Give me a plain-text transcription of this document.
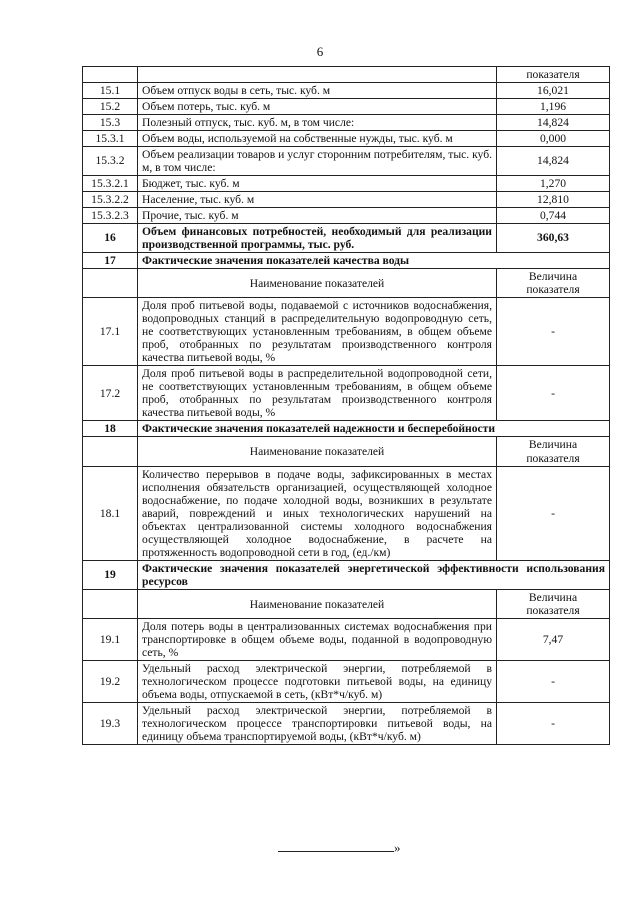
6
		показателя
15.1	Объем отпуск воды в сеть, тыс. куб. м	16,021
15.2	Объем потерь, тыс. куб. м	1,196
15.3	Полезный отпуск, тыс. куб. м, в том числе:	14,824
15.3.1	Объем воды, используемой на собственные нужды, тыс. куб. м	0,000
15.3.2	Объем реализации товаров и услуг сторонним потребителям, тыс. куб. м, в том числе:	14,824
15.3.2.1	Бюджет, тыс. куб. м	1,270
15.3.2.2	Население, тыс. куб. м	12,810
15.3.2.3	Прочие, тыс. куб. м	0,744
16	Объем финансовых потребностей, необходимый для реализации производственной программы, тыс. руб.	360,63
17	Фактические значения показателей качества воды	
	Наименование показателей	Величина показателя
17.1	Доля проб питьевой воды, подаваемой с источников водоснабжения, водопроводных станций в распределительную водопроводную сеть, не соответствующих установленным требованиям, в общем объеме проб, отобранных по результатам производственного контроля качества питьевой воды, %	-
17.2	Доля проб питьевой воды в распределительной водопроводной сети, не соответствующих установленным требованиям, в общем объеме проб, отобранных по результатам производственного контроля качества питьевой воды, %	-
18	Фактические значения показателей надежности и бесперебойности	
	Наименование показателей	Величина показателя
18.1	Количество перерывов в подаче воды, зафиксированных в местах исполнения обязательств организацией, осуществляющей холодное водоснабжение, по подаче холодной воды, возникших в результате аварий, повреждений и иных технологических нарушений на объектах централизованной системы холодного водоснабжения осуществляющей холодное водоснабжение, в расчете на протяженность водопроводной сети в год, (ед./км)	-
19	Фактические значения показателей энергетической эффективности использования ресурсов	
	Наименование показателей	Величина показателя
19.1	Доля потерь воды в централизованных системах водоснабжения при транспортировке в общем объеме воды, поданной в водопроводную сеть, %	7,47
19.2	Удельный расход электрической энергии, потребляемой в технологическом процессе подготовки питьевой воды, на единицу объема воды, отпускаемой в сеть, (кВт*ч/куб. м)	-
19.3	Удельный расход электрической энергии, потребляемой в технологическом процессе транспортировки питьевой воды, на единицу объема транспортируемой воды, (кВт*ч/куб. м)	-
»
